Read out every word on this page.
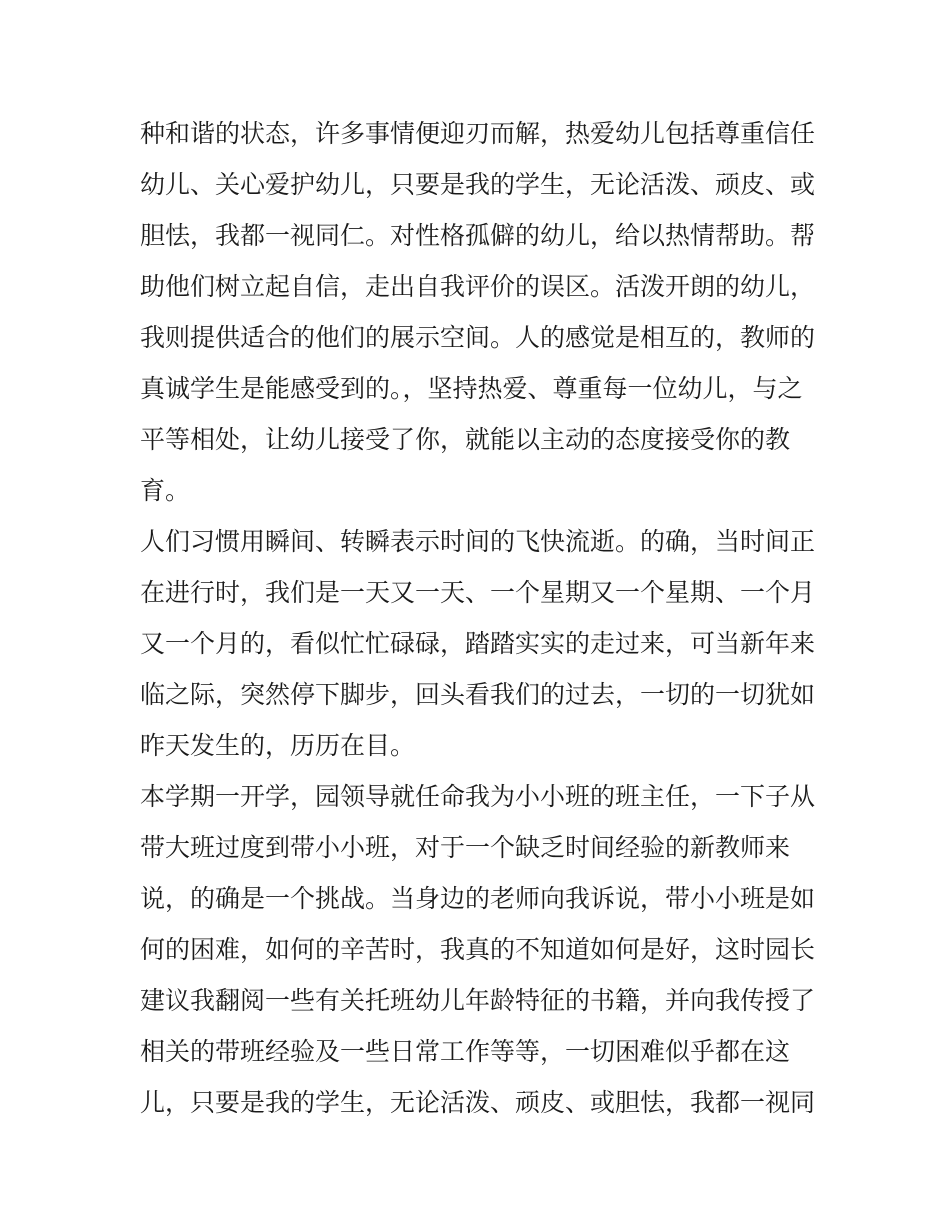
种和谐的状态，许多事情便迎刃而解，热爱幼儿包括尊重信任
幼儿、关心爱护幼儿，只要是我的学生，无论活泼、顽皮、或
胆怯，我都一视同仁。对性格孤僻的幼儿，给以热情帮助。帮
助他们树立起自信，走出自我评价的误区。活泼开朗的幼儿，
我则提供适合的他们的展示空间。人的感觉是相互的，教师的
真诚学生是能感受到的。，坚持热爱、尊重每一位幼儿，与之
平等相处，让幼儿接受了你，就能以主动的态度接受你的教
育。
人们习惯用瞬间、转瞬表示时间的飞快流逝。的确，当时间正
在进行时，我们是一天又一天、一个星期又一个星期、一个月
又一个月的，看似忙忙碌碌，踏踏实实的走过来，可当新年来
临之际，突然停下脚步，回头看我们的过去，一切的一切犹如
昨天发生的，历历在目。
本学期一开学，园领导就任命我为小小班的班主任，一下子从
带大班过度到带小小班，对于一个缺乏时间经验的新教师来
说，的确是一个挑战。当身边的老师向我诉说，带小小班是如
何的困难，如何的辛苦时，我真的不知道如何是好，这时园长
建议我翻阅一些有关托班幼儿年龄特征的书籍，并向我传授了
相关的带班经验及一些日常工作等等，一切困难似乎都在这
儿，只要是我的学生，无论活泼、顽皮、或胆怯，我都一视同
